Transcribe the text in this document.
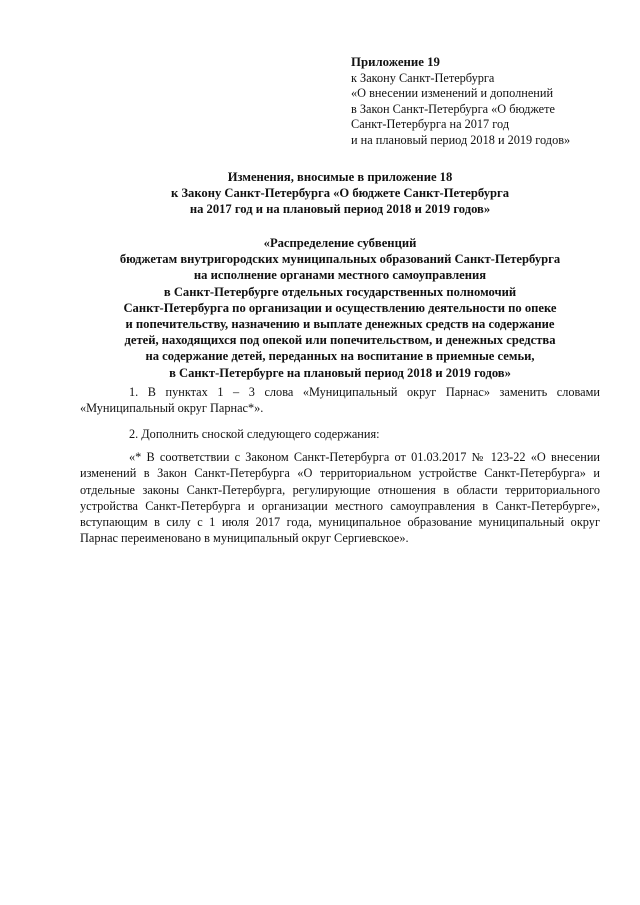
Приложение 19
к Закону Санкт-Петербурга
«О внесении изменений и дополнений
в Закон Санкт-Петербурга «О бюджете
Санкт-Петербурга на 2017 год
и на плановый период 2018 и 2019 годов»
Изменения, вносимые в приложение 18
к Закону Санкт-Петербурга «О бюджете Санкт-Петербурга
на 2017 год и на плановый период 2018 и 2019 годов»
«Распределение субвенций
бюджетам внутригородских муниципальных образований Санкт-Петербурга
на исполнение органами местного самоуправления
в Санкт-Петербурге отдельных государственных полномочий
Санкт-Петербурга по организации и осуществлению деятельности по опеке
и попечительству, назначению и выплате денежных средств на содержание
детей, находящихся под опекой или попечительством, и денежных средства
на содержание детей, переданных на воспитание в приемные семьи,
в Санкт-Петербурге на плановый период 2018 и 2019 годов»
1. В пунктах 1 – 3 слова «Муниципальный округ Парнас» заменить словами
«Муниципальный округ Парнас*».
2. Дополнить сноской следующего содержания:
«* В соответствии с Законом Санкт-Петербурга от 01.03.2017 № 123-22 «О внесении
изменений в Закон Санкт-Петербурга «О территориальном устройстве Санкт-Петербурга» и
отдельные законы Санкт-Петербурга, регулирующие отношения в области территориального
устройства Санкт-Петербурга и организации местного самоуправления в Санкт-Петербурге»,
вступающим в силу с 1 июля 2017 года, муниципальное образование муниципальный округ
Парнас переименовано в муниципальный округ Сергиевское».
